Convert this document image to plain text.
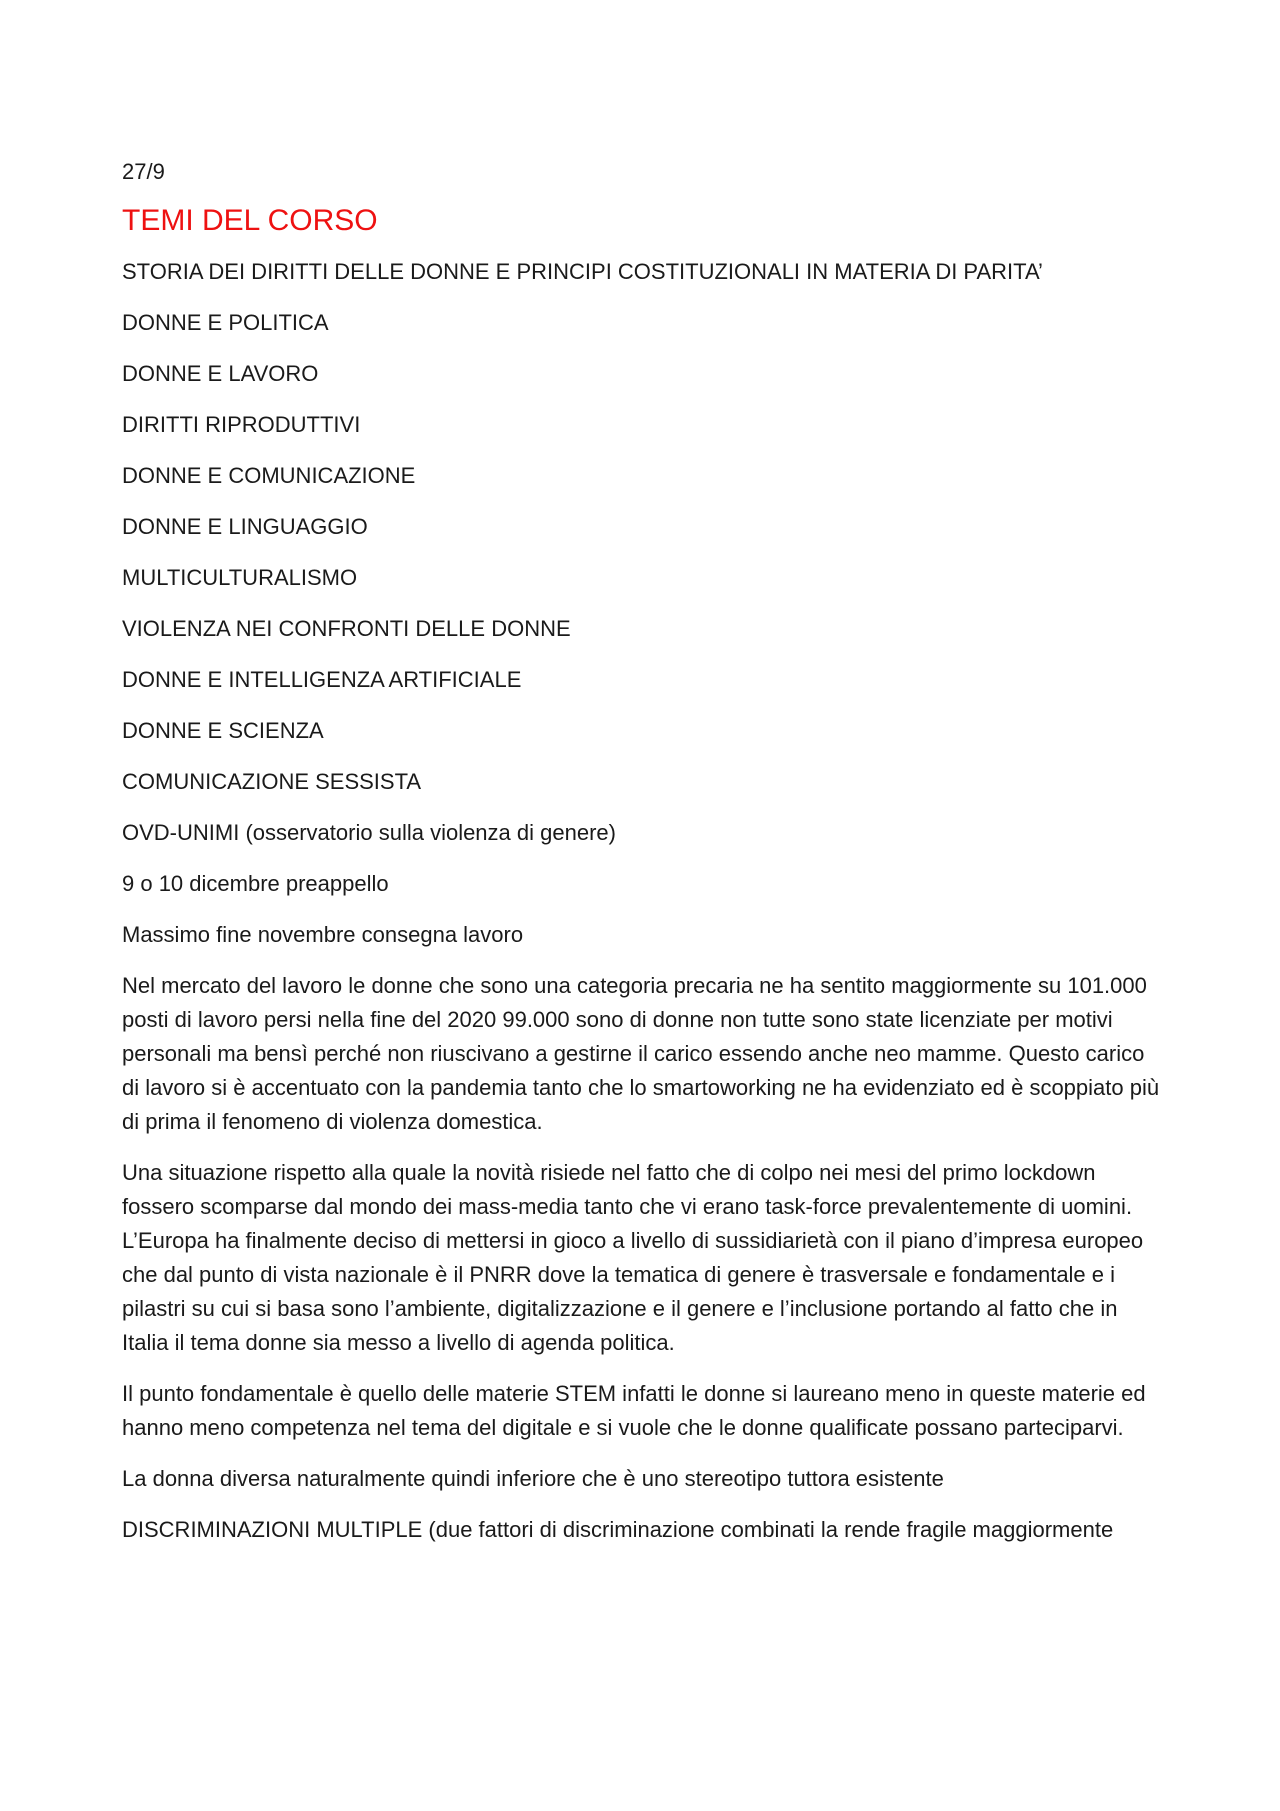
27/9
TEMI DEL CORSO
STORIA DEI DIRITTI DELLE DONNE E PRINCIPI COSTITUZIONALI IN MATERIA DI PARITA’
DONNE E POLITICA
DONNE E LAVORO
DIRITTI RIPRODUTTIVI
DONNE E COMUNICAZIONE
DONNE E LINGUAGGIO
MULTICULTURALISMO
VIOLENZA NEI CONFRONTI DELLE DONNE
DONNE E INTELLIGENZA ARTIFICIALE
DONNE E SCIENZA
COMUNICAZIONE SESSISTA
OVD-UNIMI (osservatorio sulla violenza di genere)
9 o 10 dicembre preappello
Massimo fine novembre consegna lavoro

Nel mercato del lavoro le donne che sono una categoria precaria ne ha sentito maggiormente su 101.000 posti di lavoro persi nella fine del 2020 99.000 sono di donne non tutte sono state licenziate per motivi personali ma bensì perché non riuscivano a gestirne il carico essendo anche neo mamme. Questo carico di lavoro si è accentuato con la pandemia tanto che lo smartoworking ne ha evidenziato ed è scoppiato più di prima il fenomeno di violenza domestica.

Una situazione rispetto alla quale la novità risiede nel fatto che di colpo nei mesi del primo lockdown fossero scomparse dal mondo dei mass-media tanto che vi erano task-force prevalentemente di uomini. L’Europa ha finalmente deciso di mettersi in gioco a livello di sussidiarietà con il piano d’impresa europeo che dal punto di vista nazionale è il PNRR dove la tematica di genere è trasversale e fondamentale e i pilastri su cui si basa sono l’ambiente, digitalizzazione e il genere e l’inclusione portando al fatto che in Italia il tema donne sia messo a livello di agenda politica.

Il punto fondamentale è quello delle materie STEM infatti le donne si laureano meno in queste materie ed hanno meno competenza nel tema del digitale e si vuole che le donne qualificate possano parteciparvi.

La donna diversa naturalmente quindi inferiore che è uno stereotipo tuttora esistente

DISCRIMINAZIONI MULTIPLE (due fattori di discriminazione combinati la rende fragile maggiormente
